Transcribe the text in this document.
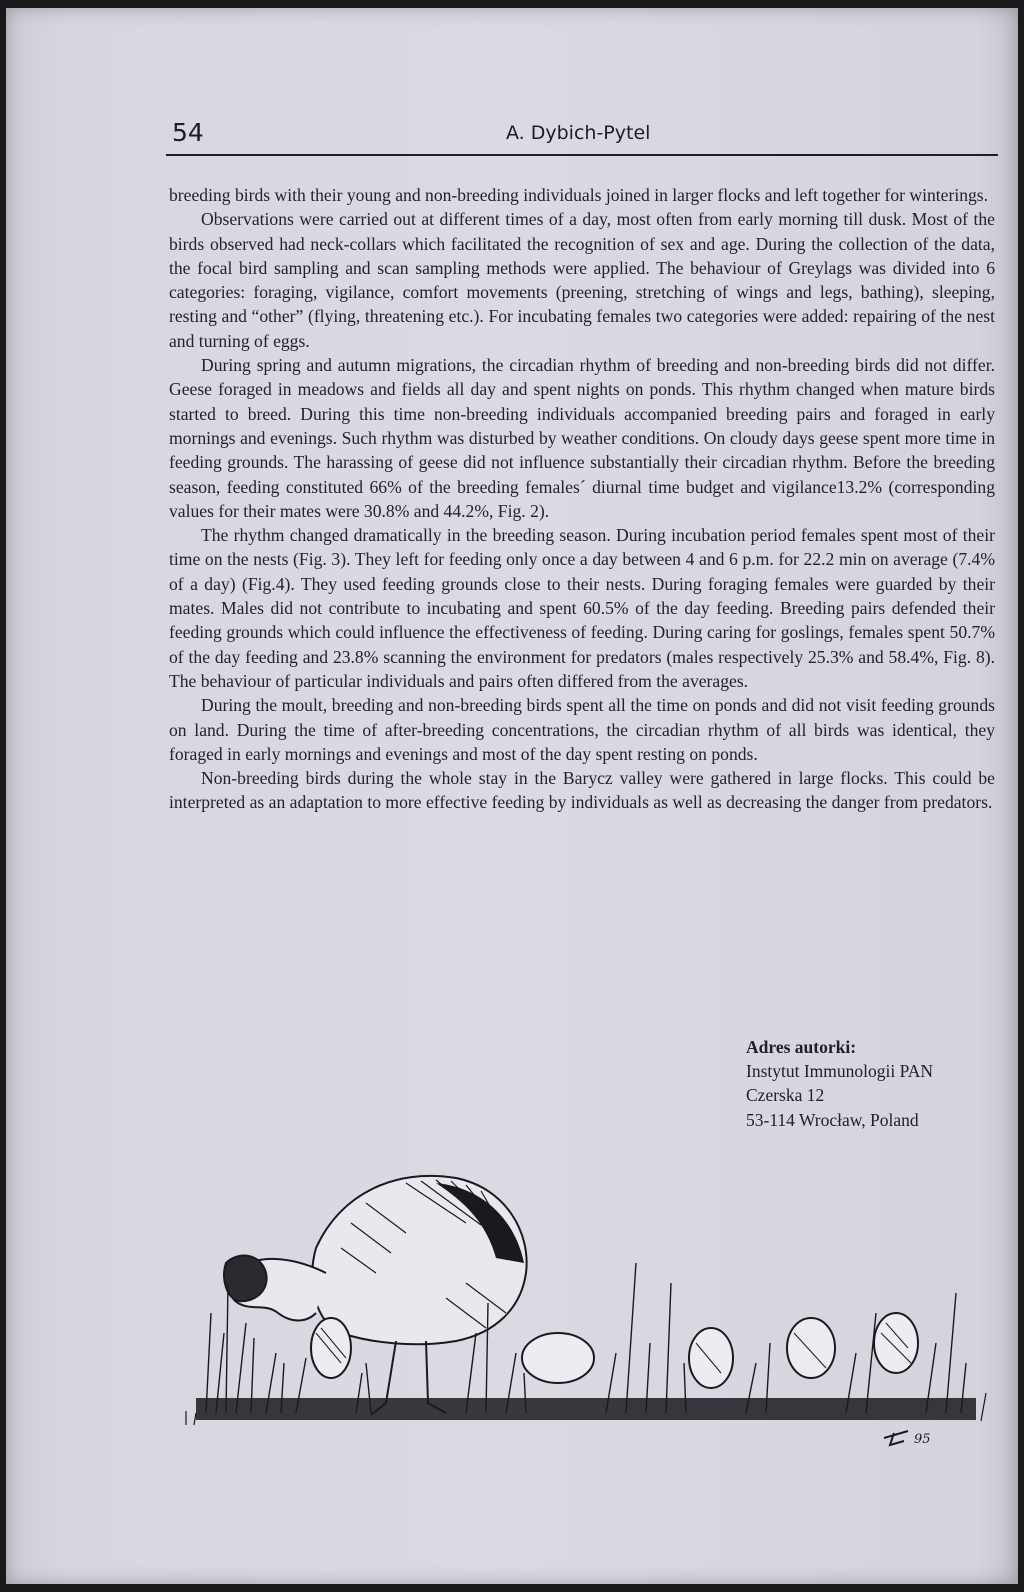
54	A. Dybich-Pytel

breeding birds with their young and non-breeding individuals joined in larger flocks and left together for winterings.

Observations were carried out at different times of a day, most often from early morning till dusk. Most of the birds observed had neck-collars which facilitated the recognition of sex and age. During the collection of the data, the focal bird sampling and scan sampling methods were applied. The behaviour of Greylags was divided into 6 categories: foraging, vigilance, comfort movements (preening, stretching of wings and legs, bathing), sleeping, resting and “other” (flying, threatening etc.). For incubating females two categories were added: repairing of the nest and turning of eggs.

During spring and autumn migrations, the circadian rhythm of breeding and non-breeding birds did not differ. Geese foraged in meadows and fields all day and spent nights on ponds. This rhythm changed when mature birds started to breed. During this time non-breeding individuals accompanied breeding pairs and foraged in early mornings and evenings. Such rhythm was disturbed by weather conditions. On cloudy days geese spent more time in feeding grounds. The harassing of geese did not influence substantially their circadian rhythm. Before the breeding season, feeding constituted 66% of the breeding females´ diurnal time budget and vigilance13.2% (corresponding values for their mates were 30.8% and 44.2%, Fig. 2).

The rhythm changed dramatically in the breeding season. During incubation period females spent most of their time on the nests (Fig. 3). They left for feeding only once a day between 4 and 6 p.m. for 22.2 min on average (7.4% of a day) (Fig.4). They used feeding grounds close to their nests. During foraging females were guarded by their mates. Males did not contribute to incubating and spent 60.5% of the day feeding. Breeding pairs defended their feeding grounds which could influence the effectiveness of feeding. During caring for goslings, females spent 50.7% of the day feeding and 23.8% scanning the environment for predators (males respectively 25.3% and 58.4%, Fig. 8). The behaviour of particular individuals and pairs often differed from the averages.

During the moult, breeding and non-breeding birds spent all the time on ponds and did not visit feeding grounds on land. During the time of after-breeding concentrations, the circadian rhythm of all birds was identical, they foraged in early mornings and evenings and most of the day spent resting on ponds.

Non-breeding birds during the whole stay in the Barycz valley were gathered in large flocks. This could be interpreted as an adaptation to more effective feeding by individuals as well as decreasing the danger from predators.

Adres autorki:
Instytut Immunologii PAN
Czerska 12
53-114 Wrocław, Poland
95
